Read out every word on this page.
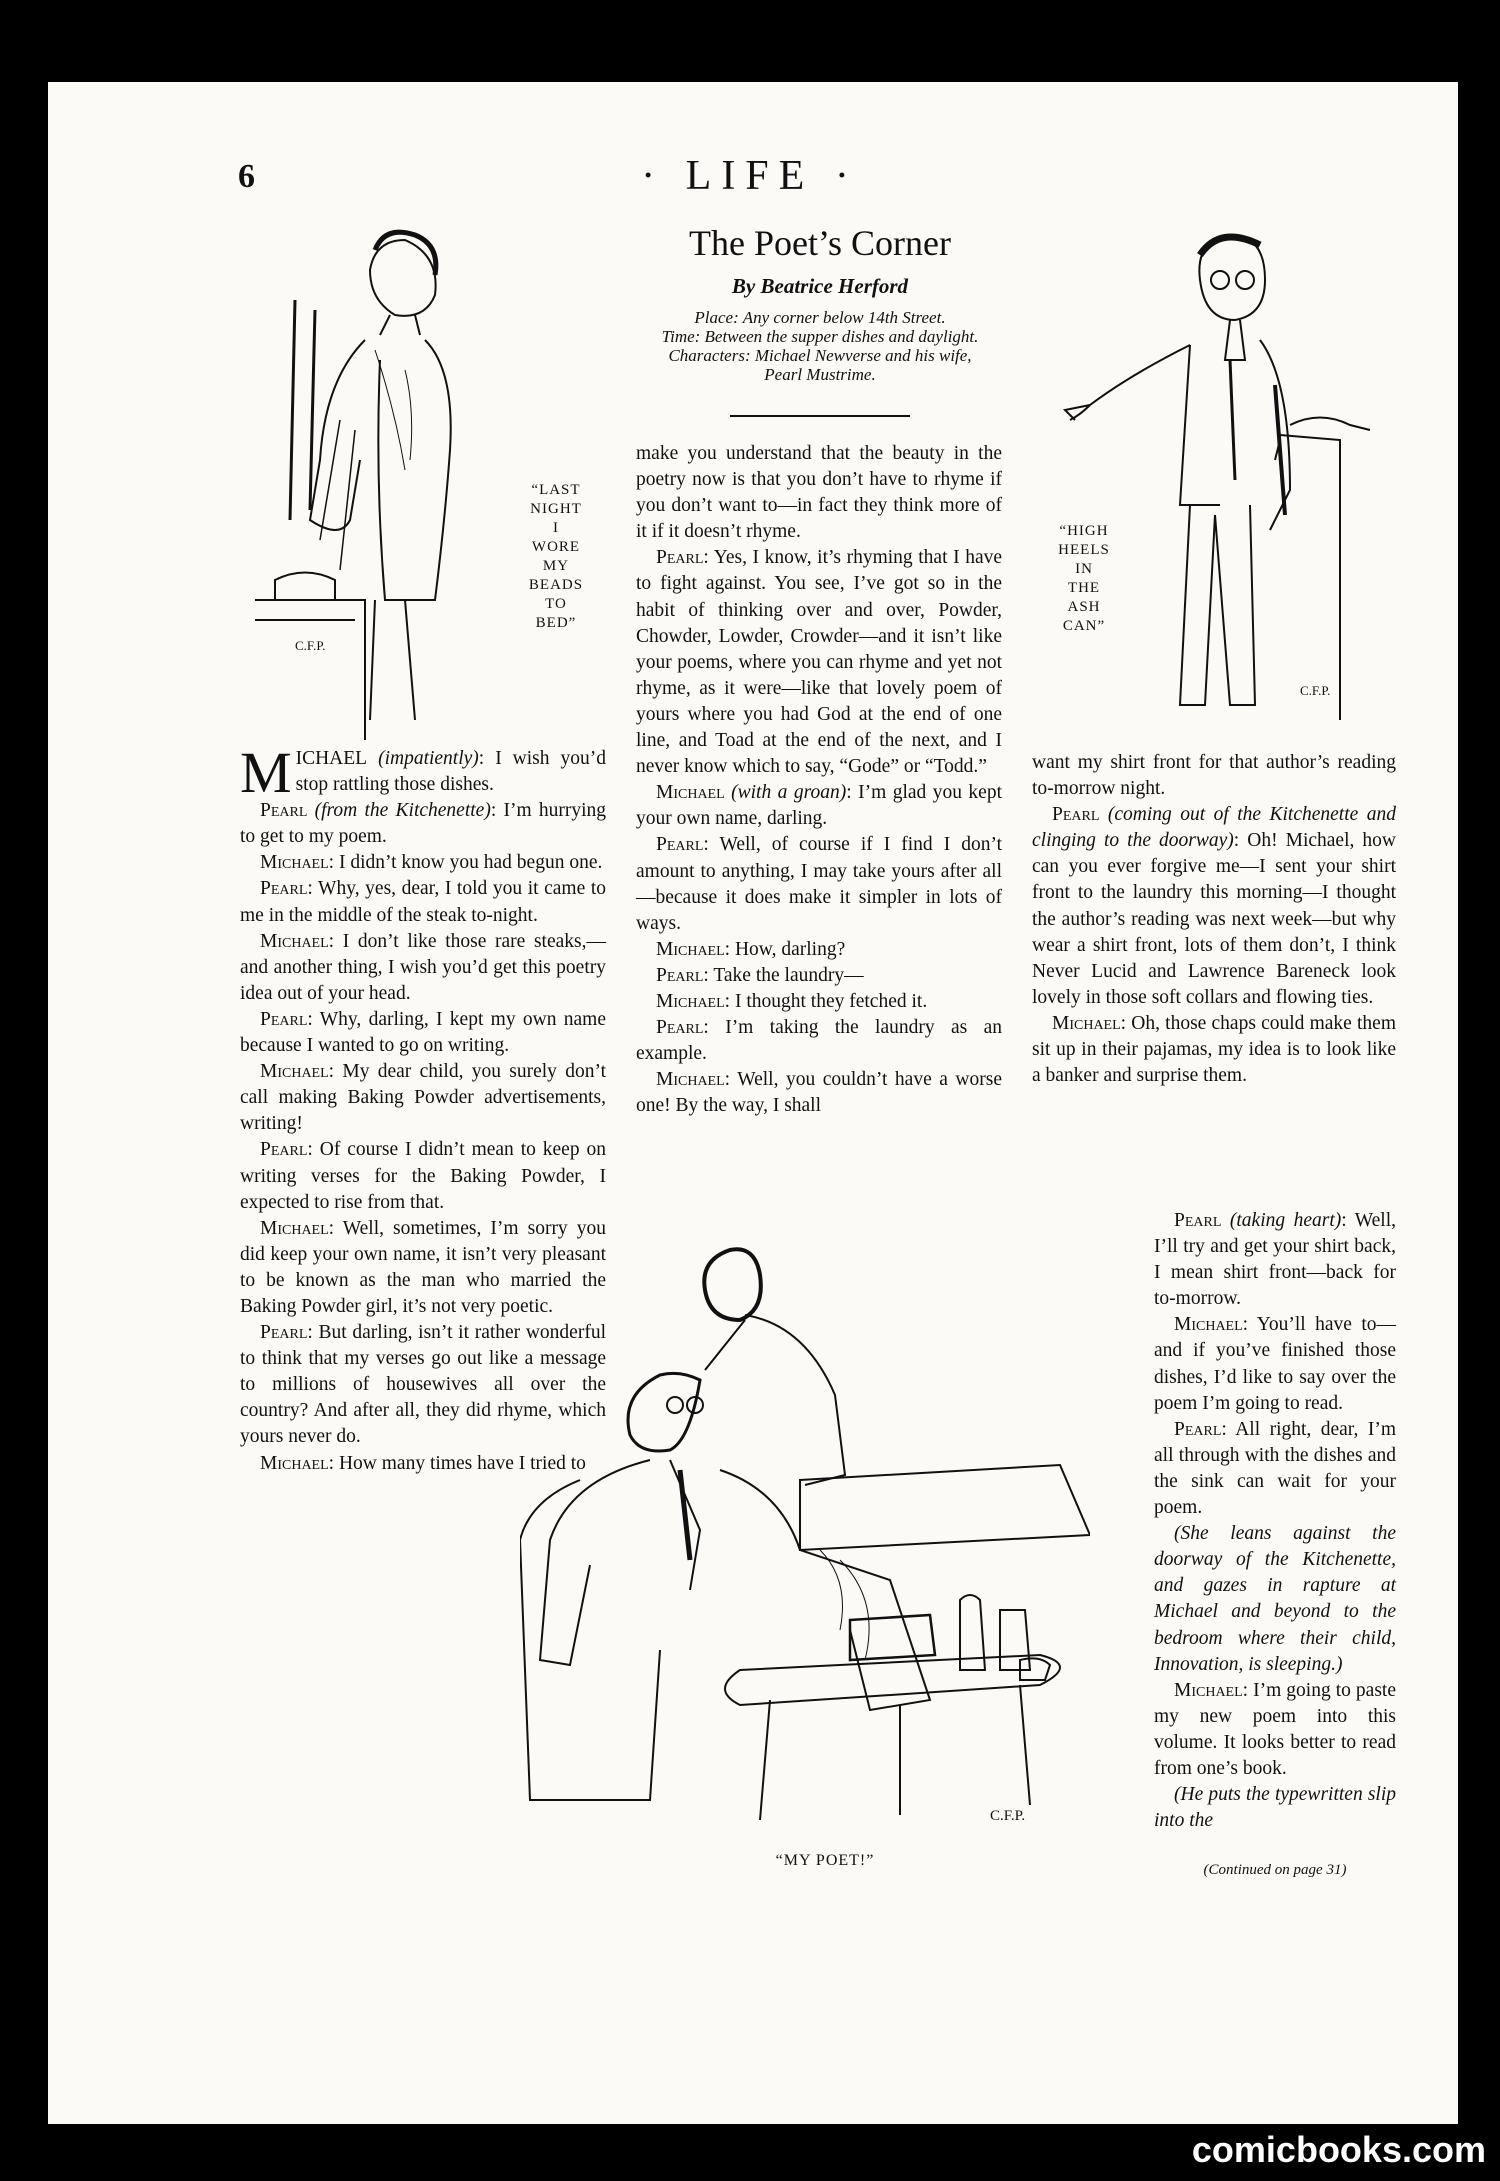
6	· LIFE ·
The Poet’s Corner
By Beatrice Herford
Place: Any corner below 14th Street.
Time: Between the supper dishes and daylight.
Characters: Michael Newverse and his wife,
Pearl Mustrime.
C.F.P.
“LAST
NIGHT
I
WORE
MY
BEADS
TO
BED”
C.F.P.
“HIGH
HEELS
IN
THE
ASH
CAN”
C.F.P.
“MY POET!”

MICHAEL (impatiently): I wish you’d stop rattling those dishes.

Pearl (from the Kitchenette): I’m hurrying to get to my poem.

Michael: I didn’t know you had begun one.

Pearl: Why, yes, dear, I told you it came to me in the middle of the steak to-night.

Michael: I don’t like those rare steaks,—and another thing, I wish you’d get this poetry idea out of your head.

Pearl: Why, darling, I kept my own name because I wanted to go on writing.

Michael: My dear child, you surely don’t call making Baking Powder advertisements, writing!

Pearl: Of course I didn’t mean to keep on writing verses for the Baking Powder, I expected to rise from that.

Michael: Well, sometimes, I’m sorry you did keep your own name, it isn’t very pleasant to be known as the man who married the Baking Powder girl, it’s not very poetic.

Pearl: But darling, isn’t it rather wonderful to think that my verses go out like a message to millions of housewives all over the country? And after all, they did rhyme, which yours never do.

Michael: How many times have I tried to

make you understand that the beauty in the poetry now is that you don’t have to rhyme if you don’t want to—in fact they think more of it if it doesn’t rhyme.

Pearl: Yes, I know, it’s rhyming that I have to fight against. You see, I’ve got so in the habit of thinking over and over, Powder, Chowder, Lowder, Crowder—and it isn’t like your poems, where you can rhyme and yet not rhyme, as it were—like that lovely poem of yours where you had God at the end of one line, and Toad at the end of the next, and I never know which to say, “Gode” or “Todd.”

Michael (with a groan): I’m glad you kept your own name, darling.

Pearl: Well, of course if I find I don’t amount to anything, I may take yours after all—because it does make it simpler in lots of ways.

Michael: How, darling?

Pearl: Take the laundry—

Michael: I thought they fetched it.

Pearl: I’m taking the laundry as an example.

Michael: Well, you couldn’t have a worse one! By the way, I shall

want my shirt front for that author’s reading to-morrow night.

Pearl (coming out of the Kitchenette and clinging to the doorway): Oh! Michael, how can you ever forgive me—I sent your shirt front to the laundry this morning—I thought the author’s reading was next week—but why wear a shirt front, lots of them don’t, I think Never Lucid and Lawrence Bareneck look lovely in those soft collars and flowing ties.

Michael: Oh, those chaps could make them sit up in their pajamas, my idea is to look like a banker and surprise them.

Pearl (taking heart): Well, I’ll try and get your shirt back, I mean shirt front—back for to-morrow.

Michael: You’ll have to—and if you’ve finished those dishes, I’d like to say over the poem I’m going to read.

Pearl: All right, dear, I’m all through with the dishes and the sink can wait for your poem.

(She leans against the doorway of the Kitchenette, and gazes in rapture at Michael and beyond to the bedroom where their child, Innovation, is sleeping.)

Michael: I’m going to paste my new poem into this volume. It looks better to read from one’s book.

(He puts the typewritten slip into the

(Continued on page 31)
comicbooks.com
